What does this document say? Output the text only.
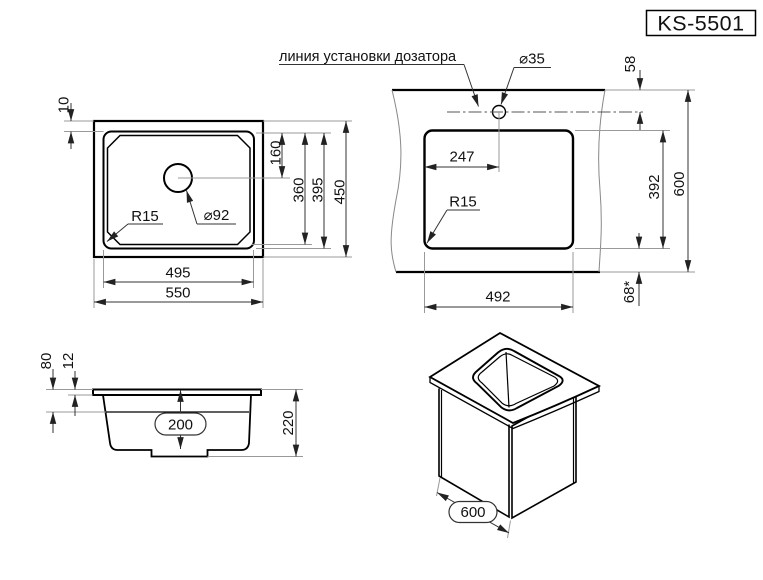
KS-5501
10
160
360 395 450
495
550
R15	⌀92
линия установки дозатора	⌀35
R15
247
58
392 600
68*
492
80 12
200	220
600
